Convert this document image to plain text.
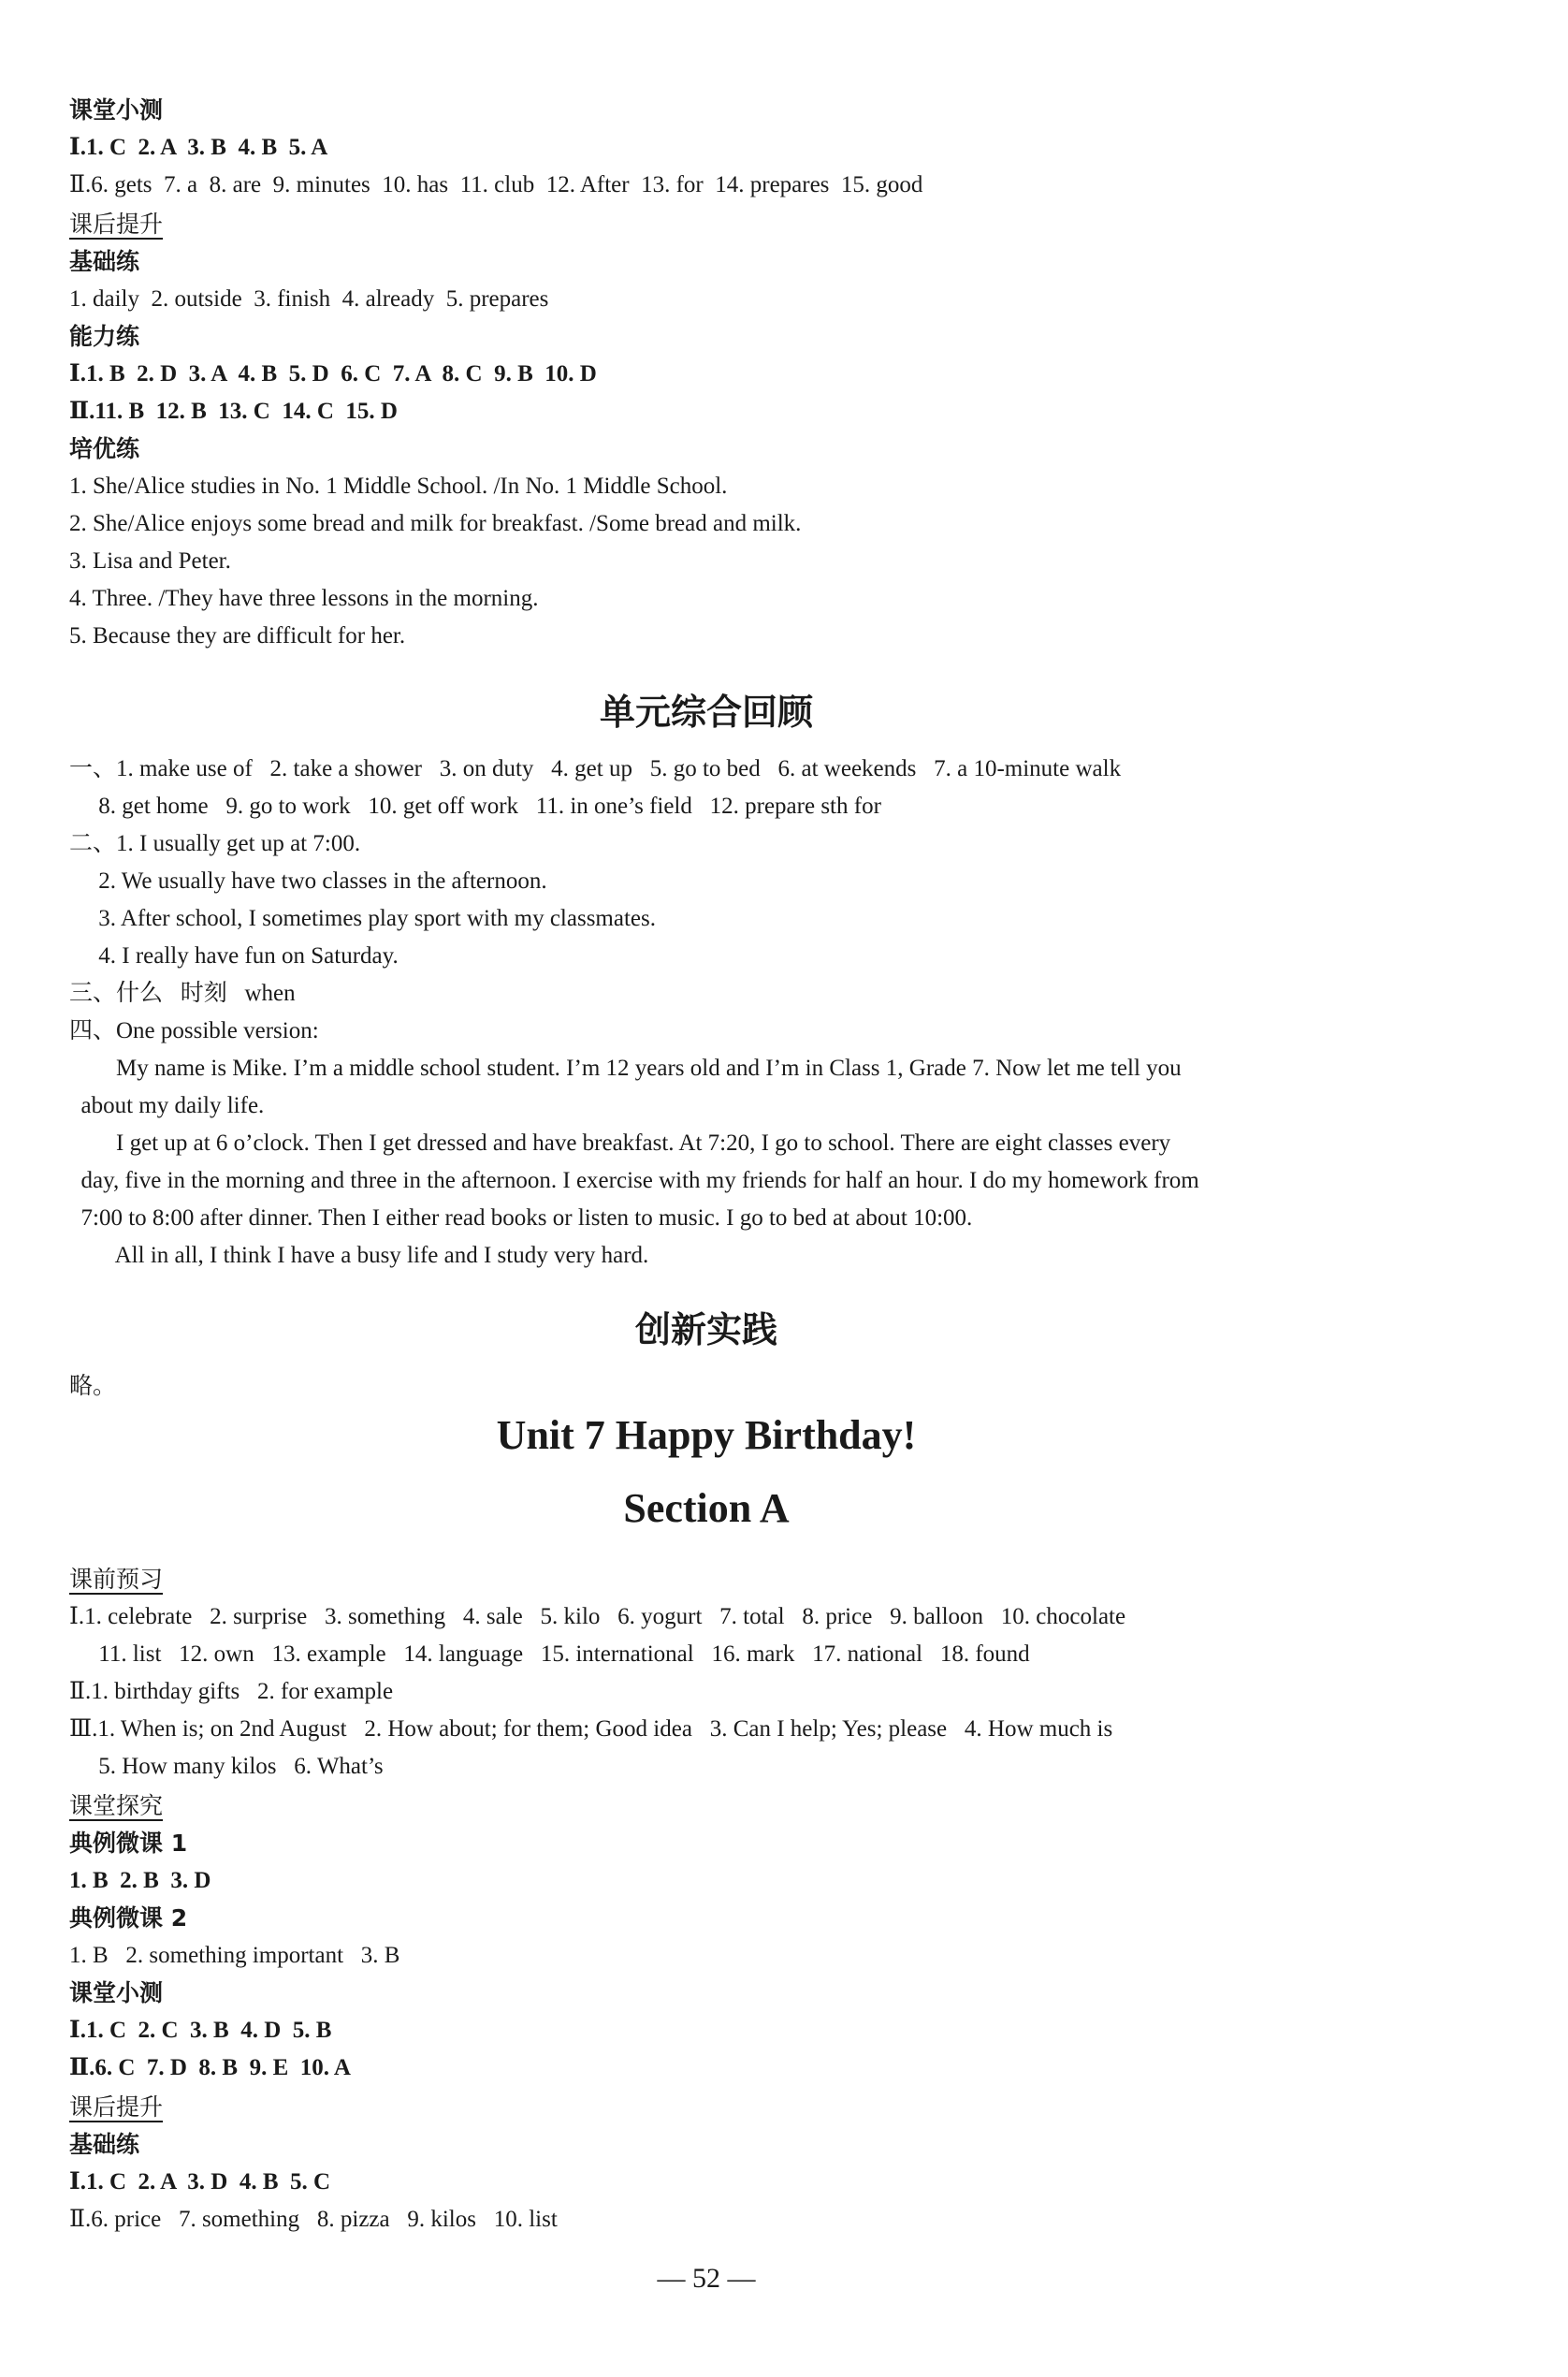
课堂小测
Ⅰ.1. C  2. A  3. B  4. B  5. A
Ⅱ.6. gets  7. a  8. are  9. minutes  10. has  11. club  12. After  13. for  14. prepares  15. good
课后提升
基础练
1. daily  2. outside  3. finish  4. already  5. prepares
能力练
Ⅰ.1. B  2. D  3. A  4. B  5. D  6. C  7. A  8. C  9. B  10. D
Ⅱ.11. B  12. B  13. C  14. C  15. D
培优练
1. She/Alice studies in No. 1 Middle School. /In No. 1 Middle School.
2. She/Alice enjoys some bread and milk for breakfast. /Some bread and milk.
3. Lisa and Peter.
4. Three. /They have three lessons in the morning.
5. Because they are difficult for her.
单元综合回顾
一、1. make use of   2. take a shower   3. on duty   4. get up   5. go to bed   6. at weekends   7. a 10-minute walk
8. get home   9. go to work   10. get off work   11. in one’s field   12. prepare sth for
二、1. I usually get up at 7:00.
2. We usually have two classes in the afternoon.
3. After school, I sometimes play sport with my classmates.
4. I really have fun on Saturday.
三、什么   时刻   when
四、One possible version:
My name is Mike. I’m a middle school student. I’m 12 years old and I’m in Class 1, Grade 7. Now let me tell you
about my daily life.
I get up at 6 o’clock. Then I get dressed and have breakfast. At 7:20, I go to school. There are eight classes every
day, five in the morning and three in the afternoon. I exercise with my friends for half an hour. I do my homework from
7:00 to 8:00 after dinner. Then I either read books or listen to music. I go to bed at about 10:00.
All in all, I think I have a busy life and I study very hard.
创新实践
略。
Unit 7 Happy Birthday!
Section A
课前预习
Ⅰ.1. celebrate   2. surprise   3. something   4. sale   5. kilo   6. yogurt   7. total   8. price   9. balloon   10. chocolate
11. list   12. own   13. example   14. language   15. international   16. mark   17. national   18. found
Ⅱ.1. birthday gifts   2. for example
Ⅲ.1. When is; on 2nd August   2. How about; for them; Good idea   3. Can I help; Yes; please   4. How much is
5. How many kilos   6. What’s
课堂探究
典例微课 1
1. B  2. B  3. D
典例微课 2
1. B   2. something important   3. B
课堂小测
Ⅰ.1. C  2. C  3. B  4. D  5. B
Ⅱ.6. C  7. D  8. B  9. E  10. A
课后提升
基础练
Ⅰ.1. C  2. A  3. D  4. B  5. C
Ⅱ.6. price   7. something   8. pizza   9. kilos   10. list
— 52 —
